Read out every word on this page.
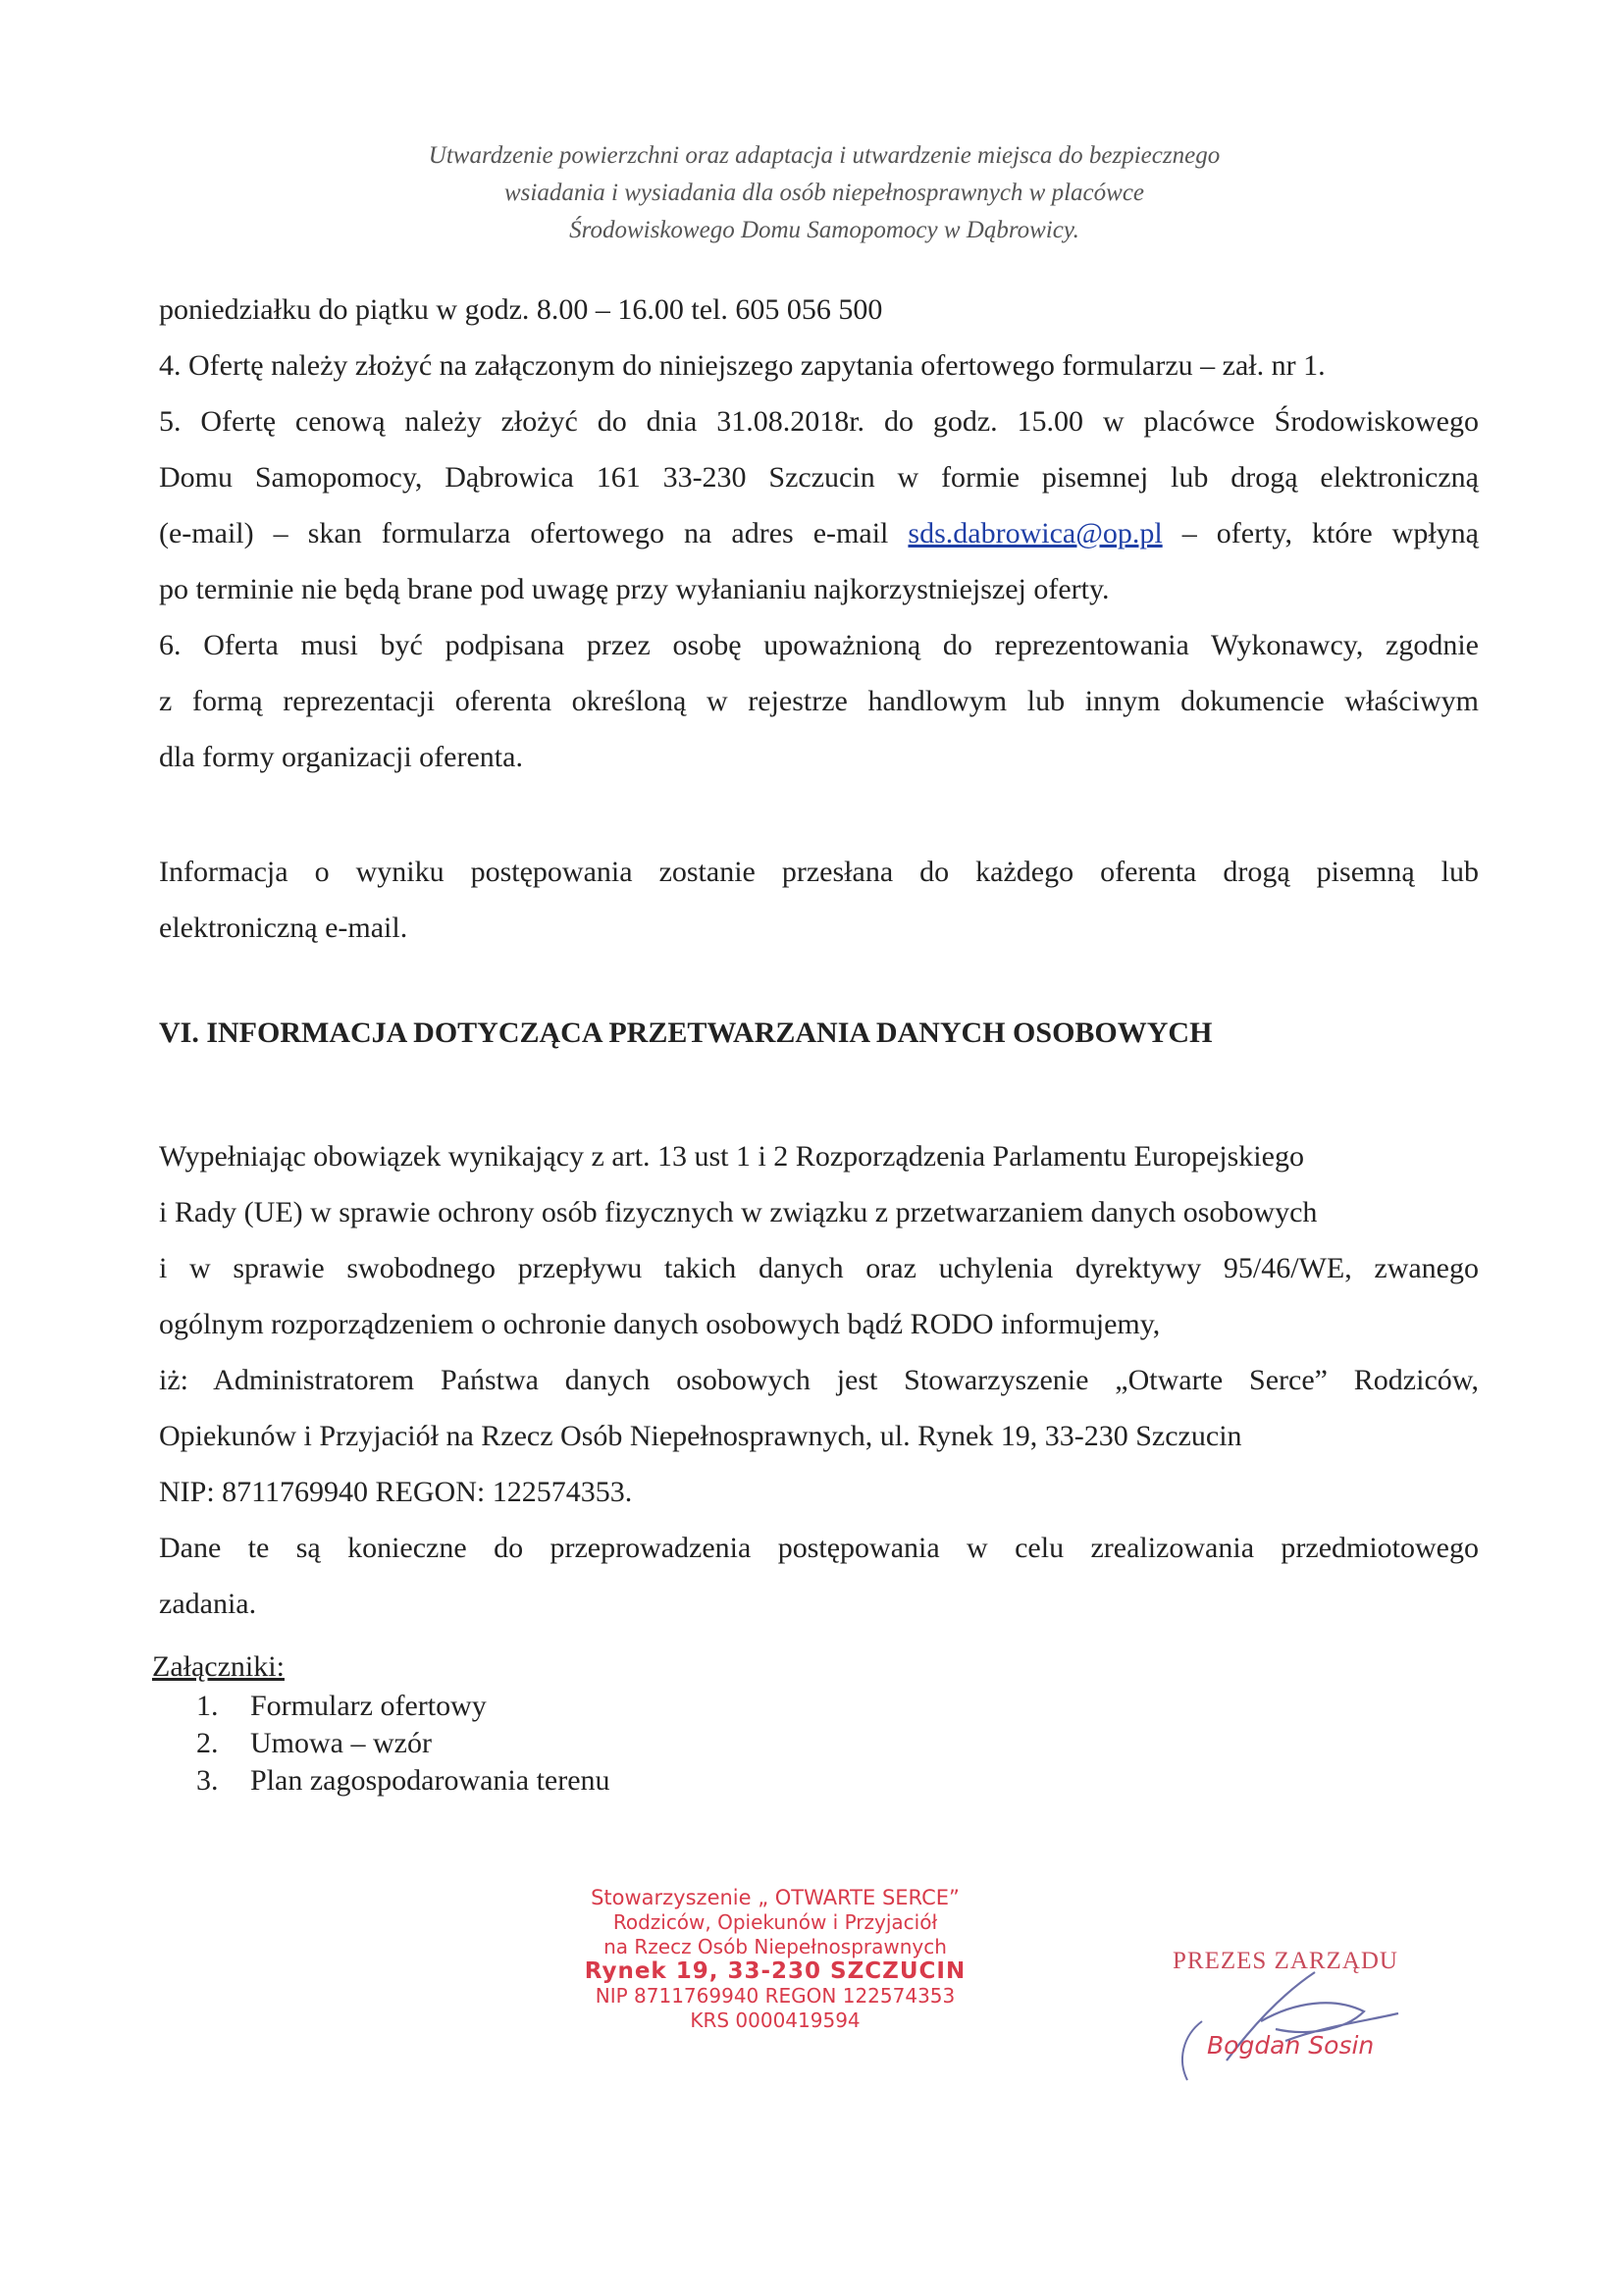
Utwardzenie powierzchni oraz adaptacja i utwardzenie miejsca do bezpiecznego
wsiadania i wysiadania dla osób niepełnosprawnych w placówce
Środowiskowego Domu Samopomocy w Dąbrowicy.
poniedziałku do piątku w godz. 8.00 – 16.00 tel. 605 056 500
4. Ofertę należy złożyć na załączonym do niniejszego zapytania ofertowego formularzu – zał. nr 1.
5. Ofertę cenową należy złożyć do dnia 31.08.2018r. do godz. 15.00 w placówce Środowiskowego
Domu Samopomocy, Dąbrowica 161 33-230 Szczucin w formie pisemnej lub drogą elektroniczną
(e-mail) – skan formularza ofertowego na adres e-mail sds.dabrowica@op.pl – oferty, które wpłyną
po terminie nie będą brane pod uwagę przy wyłanianiu najkorzystniejszej oferty.
6. Oferta musi być podpisana przez osobę upoważnioną do reprezentowania Wykonawcy, zgodnie
z formą reprezentacji oferenta określoną w rejestrze handlowym lub innym dokumencie właściwym
dla formy organizacji oferenta.
Informacja o wyniku postępowania zostanie przesłana do każdego oferenta drogą pisemną lub
elektroniczną e-mail.
VI. INFORMACJA DOTYCZĄCA PRZETWARZANIA DANYCH OSOBOWYCH
Wypełniając obowiązek wynikający z art. 13 ust 1 i 2 Rozporządzenia Parlamentu Europejskiego
i Rady (UE) w sprawie ochrony osób fizycznych w związku z przetwarzaniem danych osobowych
i w sprawie swobodnego przepływu takich danych oraz uchylenia dyrektywy 95/46/WE, zwanego
ogólnym rozporządzeniem o ochronie danych osobowych bądź RODO informujemy,
iż: Administratorem Państwa danych osobowych jest Stowarzyszenie „Otwarte Serce” Rodziców,
Opiekunów i Przyjaciół na Rzecz Osób Niepełnosprawnych, ul. Rynek 19, 33-230 Szczucin
NIP: 8711769940 REGON: 122574353.
Dane te są konieczne do przeprowadzenia postępowania w celu zrealizowania przedmiotowego
zadania.
Załączniki:
1. Formularz ofertowy
2. Umowa – wzór
3. Plan zagospodarowania terenu
Stowarzyszenie „ OTWARTE SERCE”
Rodziców, Opiekunów i Przyjaciół
na Rzecz Osób Niepełnosprawnych
Rynek 19, 33-230 SZCZUCIN
NIP 8711769940 REGON 122574353
KRS 0000419594
PREZES ZARZĄDU
Bogdan Sosin
